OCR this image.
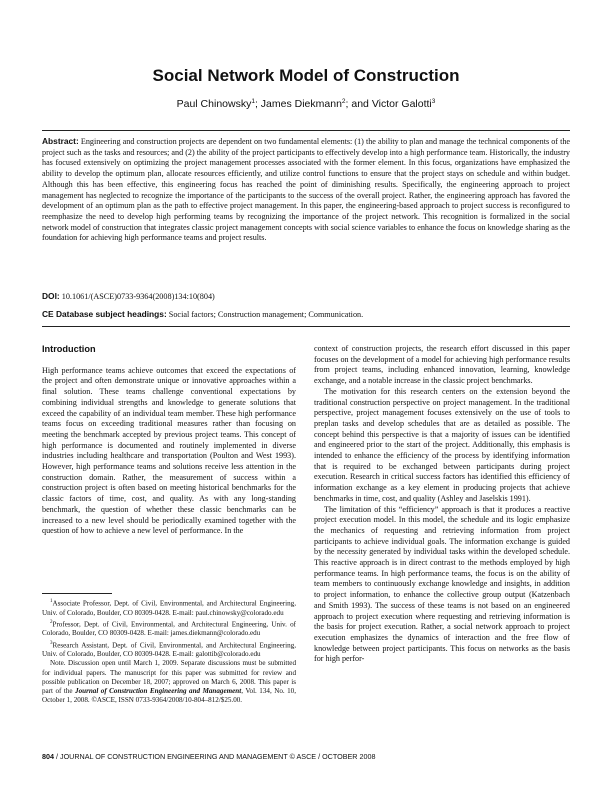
Social Network Model of Construction
Paul Chinowsky$^1$; James Diekmann$^2$; and Victor Galotti$^3$
Abstract: Engineering and construction projects are dependent on two fundamental elements: (1) the ability to plan and manage the technical components of the project such as the tasks and resources; and (2) the ability of the project participants to effectively develop into a high performance team. Historically, the industry has focused extensively on optimizing the project management processes associated with the former element. In this focus, organizations have emphasized the ability to develop the optimum plan, allocate resources efficiently, and utilize control functions to ensure that the project stays on schedule and within budget. Although this has been effective, this engineering focus has reached the point of diminishing results. Specifically, the engineering approach to project management has neglected to recognize the importance of the participants to the success of the overall project. Rather, the engineering approach has favored the development of an optimum plan as the path to effective project management. In this paper, the engineering-based approach to project success is reconfigured to reemphasize the need to develop high performing teams by recognizing the importance of the project network. This recognition is formalized in the social network model of construction that integrates classic project management concepts with social science variables to enhance the focus on knowledge sharing as the foundation for achieving high performance teams and project results.
DOI: 10.1061/(ASCE)0733-9364(2008)134:10(804)
CE Database subject headings: Social factors; Construction management; Communication.
Introduction

High performance teams achieve outcomes that exceed the expectations of the project and often demonstrate unique or innovative approaches within a final solution. These teams challenge conventional expectations by combining individual strengths and knowledge to generate solutions that exceed the capability of an individual team member. These high performance teams focus on exceeding traditional measures rather than focusing on meeting the benchmark accepted by previous project teams. This concept of high performance is documented and routinely implemented in diverse industries including healthcare and transportation (Poulton and West 1993). However, high performance teams and solutions receive less attention in the construction domain. Rather, the measurement of success within a construction project is often based on meeting historical benchmarks for the classic factors of time, cost, and quality. As with any long-standing benchmark, the question of whether these classic benchmarks can be increased to a new level should be periodically examined together with the question of how to achieve a new level of performance. In the

$^1$Associate Professor, Dept. of Civil, Environmental, and Architectural Engineering, Univ. of Colorado, Boulder, CO 80309-0428. E-mail: paul.chinowsky@colorado.edu

$^2$Professor, Dept. of Civil, Environmental, and Architectural Engineering, Univ. of Colorado, Boulder, CO 80309-0428. E-mail: james.diekmann@colorado.edu

$^3$Research Assistant, Dept. of Civil, Environmental, and Architectural Engineering, Univ. of Colorado, Boulder, CO 80309-0428. E-mail: galottib@colorado.edu

Note. Discussion open until March 1, 2009. Separate discussions must be submitted for individual papers. The manuscript for this paper was submitted for review and possible publication on December 18, 2007; approved on March 6, 2008. This paper is part of the Journal of Construction Engineering and Management, Vol. 134, No. 10, October 1, 2008. ©ASCE, ISSN 0733-9364/2008/10-804–812/$25.00.

context of construction projects, the research effort discussed in this paper focuses on the development of a model for achieving high performance results from project teams, including enhanced innovation, learning, knowledge exchange, and a notable increase in the classic project benchmarks.

The motivation for this research centers on the extension beyond the traditional construction perspective on project management. In the traditional perspective, project management focuses extensively on the use of tools to preplan tasks and develop schedules that are as detailed as possible. The concept behind this perspective is that a majority of issues can be identified and engineered prior to the start of the project. Additionally, this emphasis is intended to enhance the efficiency of the process by identifying information that is required to be exchanged between participants during project execution. Research in critical success factors has identified this efficiency of information exchange as a key element in producing projects that achieve benchmarks in time, cost, and quality (Ashley and Jaselskis 1991).

The limitation of this “efficiency” approach is that it produces a reactive project execution model. In this model, the schedule and its logic emphasize the mechanics of requesting and retrieving information from project participants to achieve individual goals. The information exchange is guided by the necessity generated by individual tasks within the developed schedule. This reactive approach is in direct contrast to the methods employed by high performance teams. In high performance teams, the focus is on the ability of team members to continuously exchange knowledge and insights, in addition to project information, to enhance the collective group output (Katzenbach and Smith 1993). The success of these teams is not based on an engineered approach to project execution where requesting and retrieving information is the basis for project execution. Rather, a social network approach to project execution emphasizes the dynamics of interaction and the free flow of knowledge between project participants. This focus on networks as the basis for high perfor-

804 / JOURNAL OF CONSTRUCTION ENGINEERING AND MANAGEMENT © ASCE / OCTOBER 2008
